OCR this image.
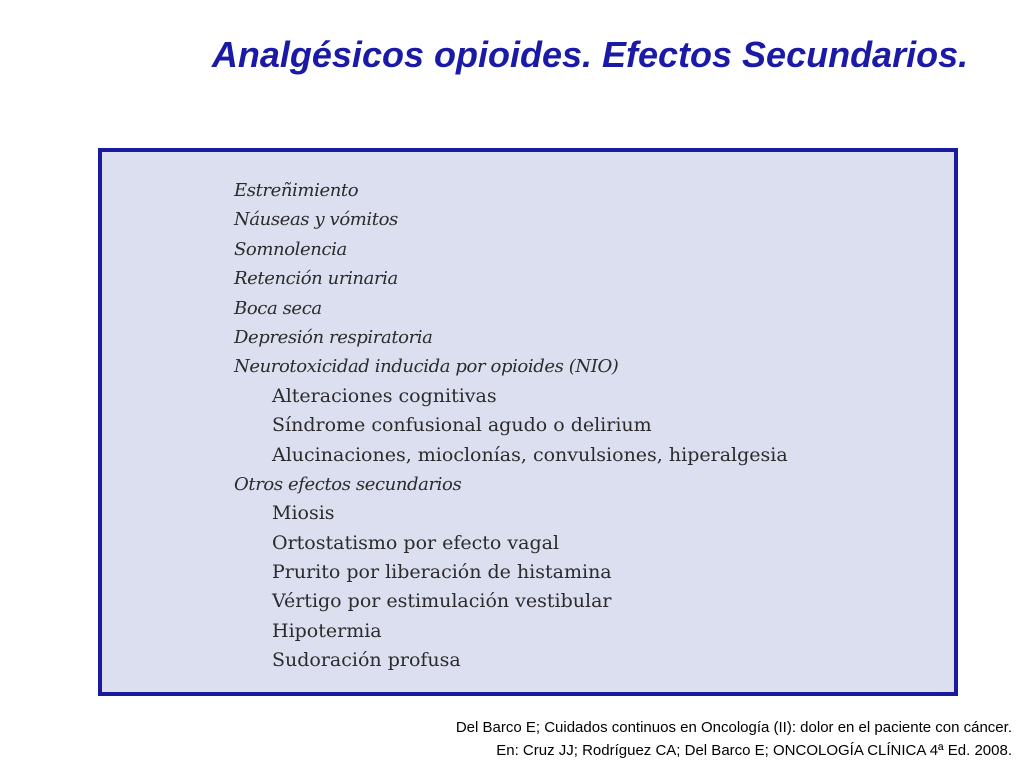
Analgésicos opioides. Efectos Secundarios.
Estreñimiento
Náuseas y vómitos
Somnolencia
Retención urinaria
Boca seca
Depresión respiratoria
Neurotoxicidad inducida por opioides (NIO)
Alteraciones cognitivas
Síndrome confusional agudo o delirium
Alucinaciones, mioclonías, convulsiones, hiperalgesia
Otros efectos secundarios
Miosis
Ortostatismo por efecto vagal
Prurito por liberación de histamina
Vértigo por estimulación vestibular
Hipotermia
Sudoración profusa
Del Barco E; Cuidados continuos en Oncología (II): dolor en el paciente con cáncer.
En: Cruz JJ; Rodríguez CA; Del Barco E; ONCOLOGÍA CLÍNICA 4ª Ed. 2008.
